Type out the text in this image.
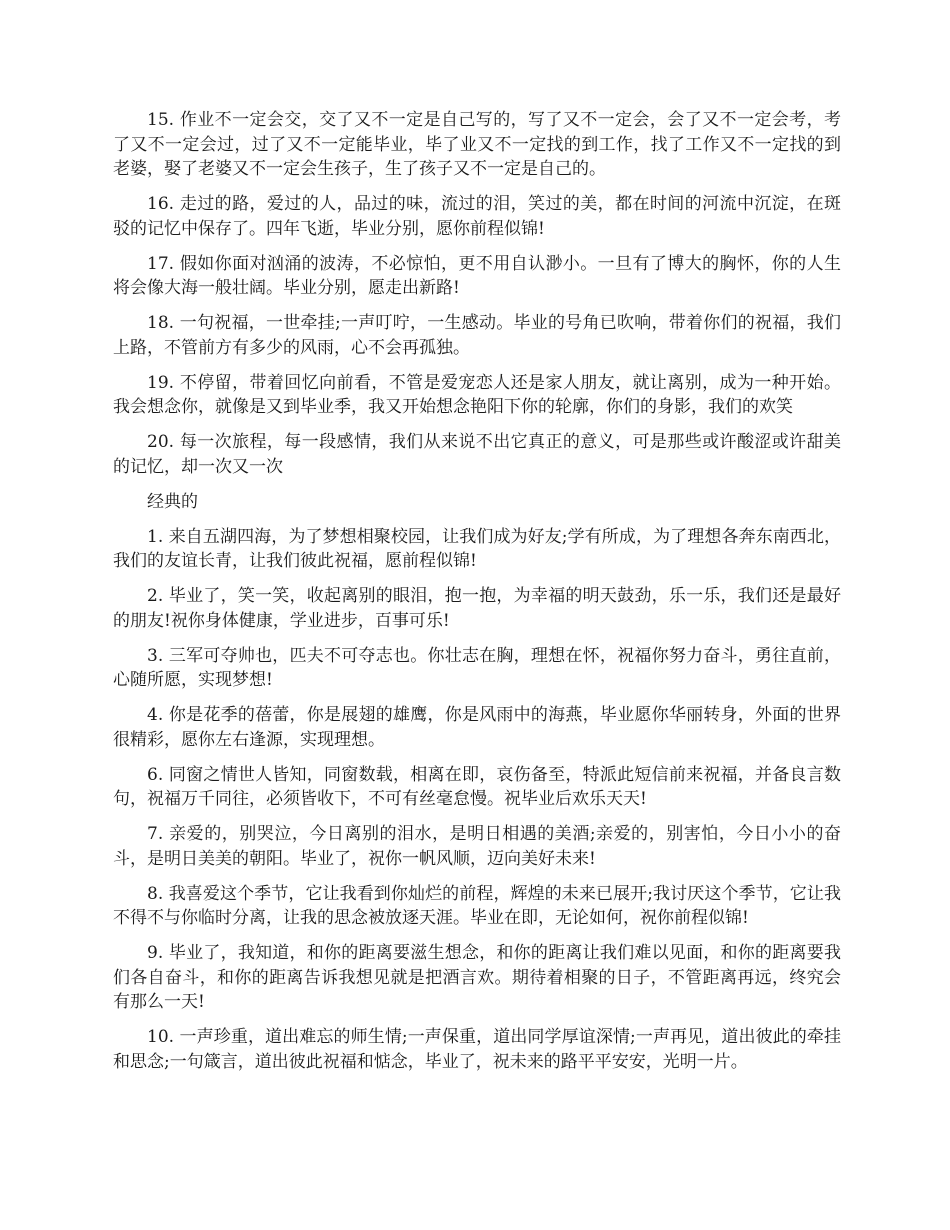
15. 作业不一定会交，交了又不一定是自己写的，写了又不一定会，会了又不一定会考，考了又不一定会过，过了又不一定能毕业，毕了业又不一定找的到工作，找了工作又不一定找的到老婆，娶了老婆又不一定会生孩子，生了孩子又不一定是自己的。

16. 走过的路，爱过的人，品过的味，流过的泪，笑过的美，都在时间的河流中沉淀，在斑驳的记忆中保存了。四年飞逝，毕业分别，愿你前程似锦!

17. 假如你面对汹涌的波涛，不必惊怕，更不用自认渺小。一旦有了博大的胸怀，你的人生将会像大海一般壮阔。毕业分别，愿走出新路!

18. 一句祝福，一世牵挂;一声叮咛，一生感动。毕业的号角已吹响，带着你们的祝福，我们上路，不管前方有多少的风雨，心不会再孤独。

19. 不停留，带着回忆向前看，不管是爱宠恋人还是家人朋友，就让离别，成为一种开始。我会想念你，就像是又到毕业季，我又开始想念艳阳下你的轮廓，你们的身影，我们的欢笑

20. 每一次旅程，每一段感情，我们从来说不出它真正的意义，可是那些或许酸涩或许甜美的记忆，却一次又一次

经典的

1. 来自五湖四海，为了梦想相聚校园，让我们成为好友;学有所成，为了理想各奔东南西北，我们的友谊长青，让我们彼此祝福，愿前程似锦!

2. 毕业了，笑一笑，收起离别的眼泪，抱一抱，为幸福的明天鼓劲，乐一乐，我们还是最好的朋友!祝你身体健康，学业进步，百事可乐!

3. 三军可夺帅也，匹夫不可夺志也。你壮志在胸，理想在怀，祝福你努力奋斗，勇往直前，心随所愿，实现梦想!

4. 你是花季的蓓蕾，你是展翅的雄鹰，你是风雨中的海燕，毕业愿你华丽转身，外面的世界很精彩，愿你左右逢源，实现理想。

6. 同窗之情世人皆知，同窗数载，相离在即，哀伤备至，特派此短信前来祝福，并备良言数句，祝福万千同往，必须皆收下，不可有丝毫怠慢。祝毕业后欢乐天天!

7. 亲爱的，别哭泣，今日离别的泪水，是明日相遇的美酒;亲爱的，别害怕，今日小小的奋斗，是明日美美的朝阳。毕业了，祝你一帆风顺，迈向美好未来!

8. 我喜爱这个季节，它让我看到你灿烂的前程，辉煌的未来已展开;我讨厌这个季节，它让我不得不与你临时分离，让我的思念被放逐天涯。毕业在即，无论如何，祝你前程似锦!

9. 毕业了，我知道，和你的距离要滋生想念，和你的距离让我们难以见面，和你的距离要我们各自奋斗，和你的距离告诉我想见就是把酒言欢。期待着相聚的日子，不管距离再远，终究会有那么一天!

10. 一声珍重，道出难忘的师生情;一声保重，道出同学厚谊深情;一声再见，道出彼此的牵挂和思念;一句箴言，道出彼此祝福和惦念，毕业了，祝未来的路平平安安，光明一片。
